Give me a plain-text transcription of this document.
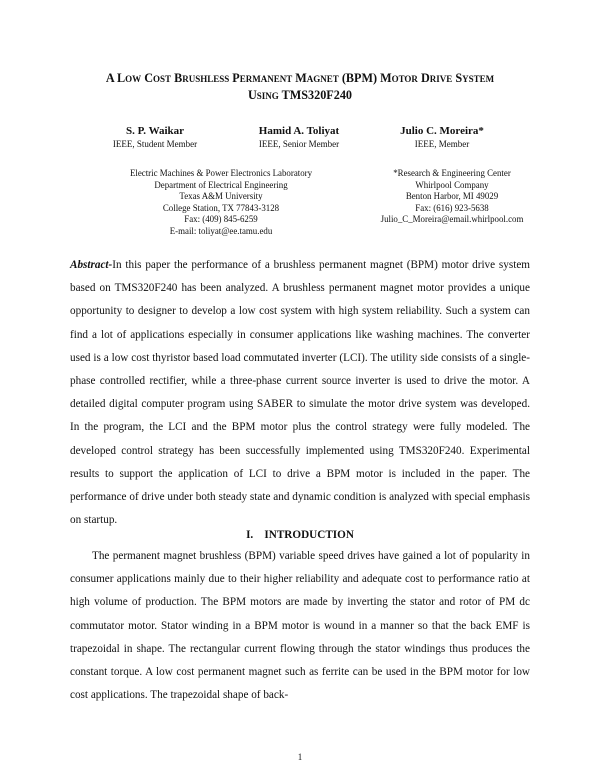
A Low Cost Brushless Permanent Magnet (BPM) Motor Drive System
Using TMS320F240
S. P. Waikar
IEEE, Student Member
Hamid A. Toliyat
IEEE, Senior Member
Julio C. Moreira*
IEEE, Member
Electric Machines & Power Electronics Laboratory
Department of Electrical Engineering
Texas A&M University
College Station, TX 77843-3128
Fax: (409) 845-6259
E-mail: toliyat@ee.tamu.edu
*Research & Engineering Center
Whirlpool Company
Benton Harbor, MI 49029
Fax: (616) 923-5638
Julio_C_Moreira@email.whirlpool.com
Abstract-In this paper the performance of a brushless permanent magnet (BPM) motor drive system based on TMS320F240 has been analyzed. A brushless permanent magnet motor provides a unique opportunity to designer to develop a low cost system with high system reliability. Such a system can find a lot of applications especially in consumer applications like washing machines. The converter used is a low cost thyristor based load commutated inverter (LCI). The utility side consists of a single-phase controlled rectifier, while a three-phase current source inverter is used to drive the motor. A detailed digital computer program using SABER to simulate the motor drive system was developed. In the program, the LCI and the BPM motor plus the control strategy were fully modeled. The developed control strategy has been successfully implemented using TMS320F240. Experimental results to support the application of LCI to drive a BPM motor is included in the paper. The performance of drive under both steady state and dynamic condition is analyzed with special emphasis on startup.
I.    INTRODUCTION
The permanent magnet brushless (BPM) variable speed drives have gained a lot of popularity in consumer applications mainly due to their higher reliability and adequate cost to performance ratio at high volume of production. The BPM motors are made by inverting the stator and rotor of PM dc commutator motor. Stator winding in a BPM motor is wound in a manner so that the back EMF is trapezoidal in shape. The rectangular current flowing through the stator windings thus produces the constant torque. A low cost permanent magnet such as ferrite can be used in the BPM motor for low cost applications. The trapezoidal shape of back-
1
